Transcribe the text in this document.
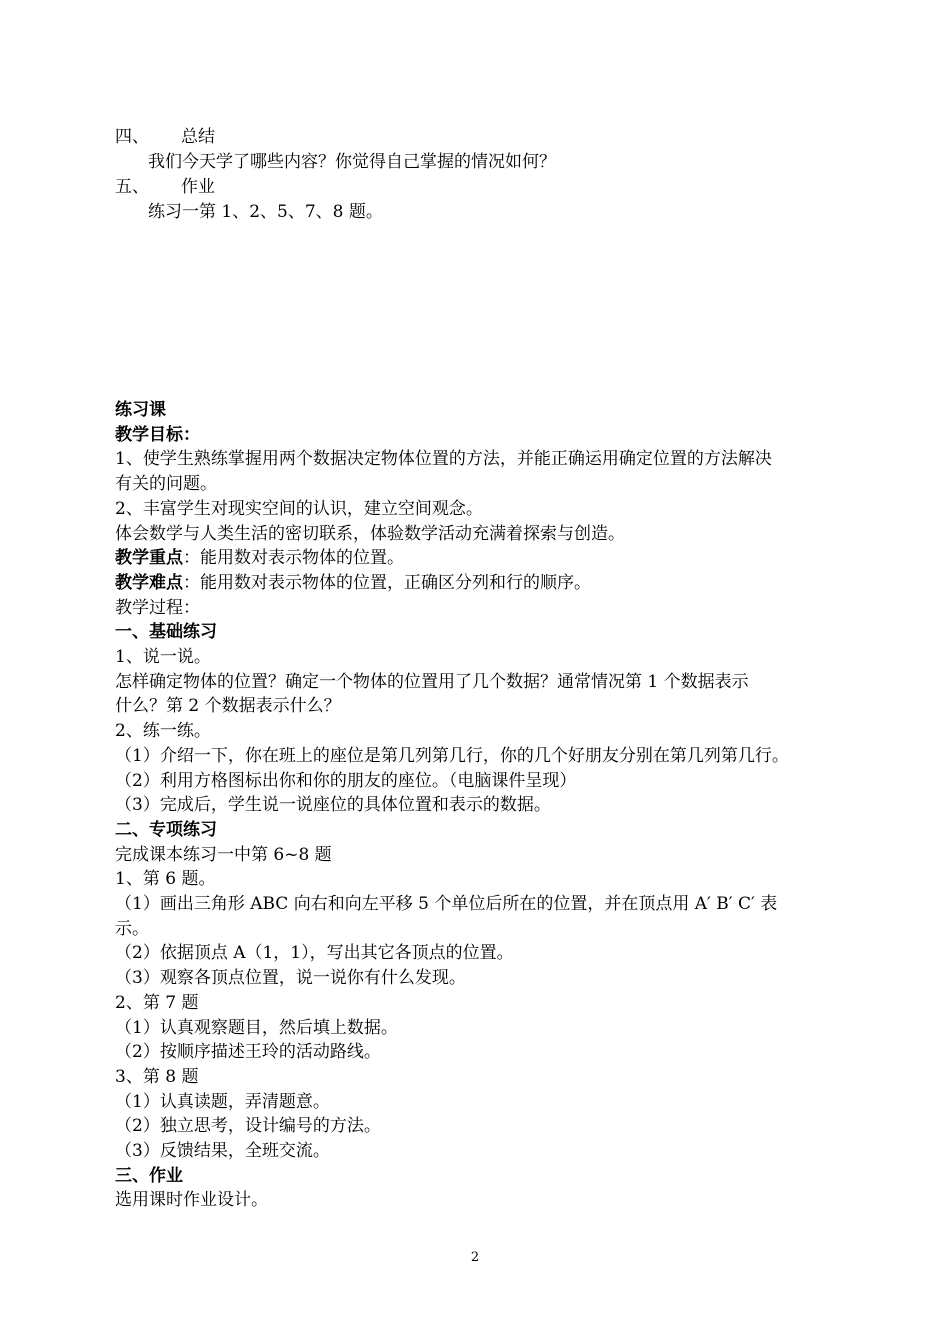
四、 总结
我们今天学了哪些内容？你觉得自己掌握的情况如何？
五、 作业
练习一第 1、2、5、7、8 题。
练习课
教学目标：
1、使学生熟练掌握用两个数据决定物体位置的方法，并能正确运用确定位置的方法解决
有关的问题。
2、丰富学生对现实空间的认识，建立空间观念。
体会数学与人类生活的密切联系，体验数学活动充满着探索与创造。
教学重点：能用数对表示物体的位置。
教学难点：能用数对表示物体的位置，正确区分列和行的顺序。
教学过程：
一、基础练习
1、说一说。
怎样确定物体的位置？确定一个物体的位置用了几个数据？通常情况第 1 个数据表示
什么？第 2 个数据表示什么？
2、练一练。
（1）介绍一下，你在班上的座位是第几列第几行，你的几个好朋友分别在第几列第几行。
（2）利用方格图标出你和你的朋友的座位。（电脑课件呈现）
（3）完成后，学生说一说座位的具体位置和表示的数据。
二、专项练习
完成课本练习一中第 6~8 题
1、第 6 题。
（1）画出三角形 ABC 向右和向左平移 5 个单位后所在的位置，并在顶点用 A′ B′ C′ 表
示。
（2）依据顶点 A（1，1），写出其它各顶点的位置。
（3）观察各顶点位置，说一说你有什么发现。
2、第 7 题
（1）认真观察题目，然后填上数据。
（2）按顺序描述王玲的活动路线。
3、第 8 题
（1）认真读题，弄清题意。
（2）独立思考，设计编号的方法。
（3）反馈结果，全班交流。
三、作业
选用课时作业设计。
2
